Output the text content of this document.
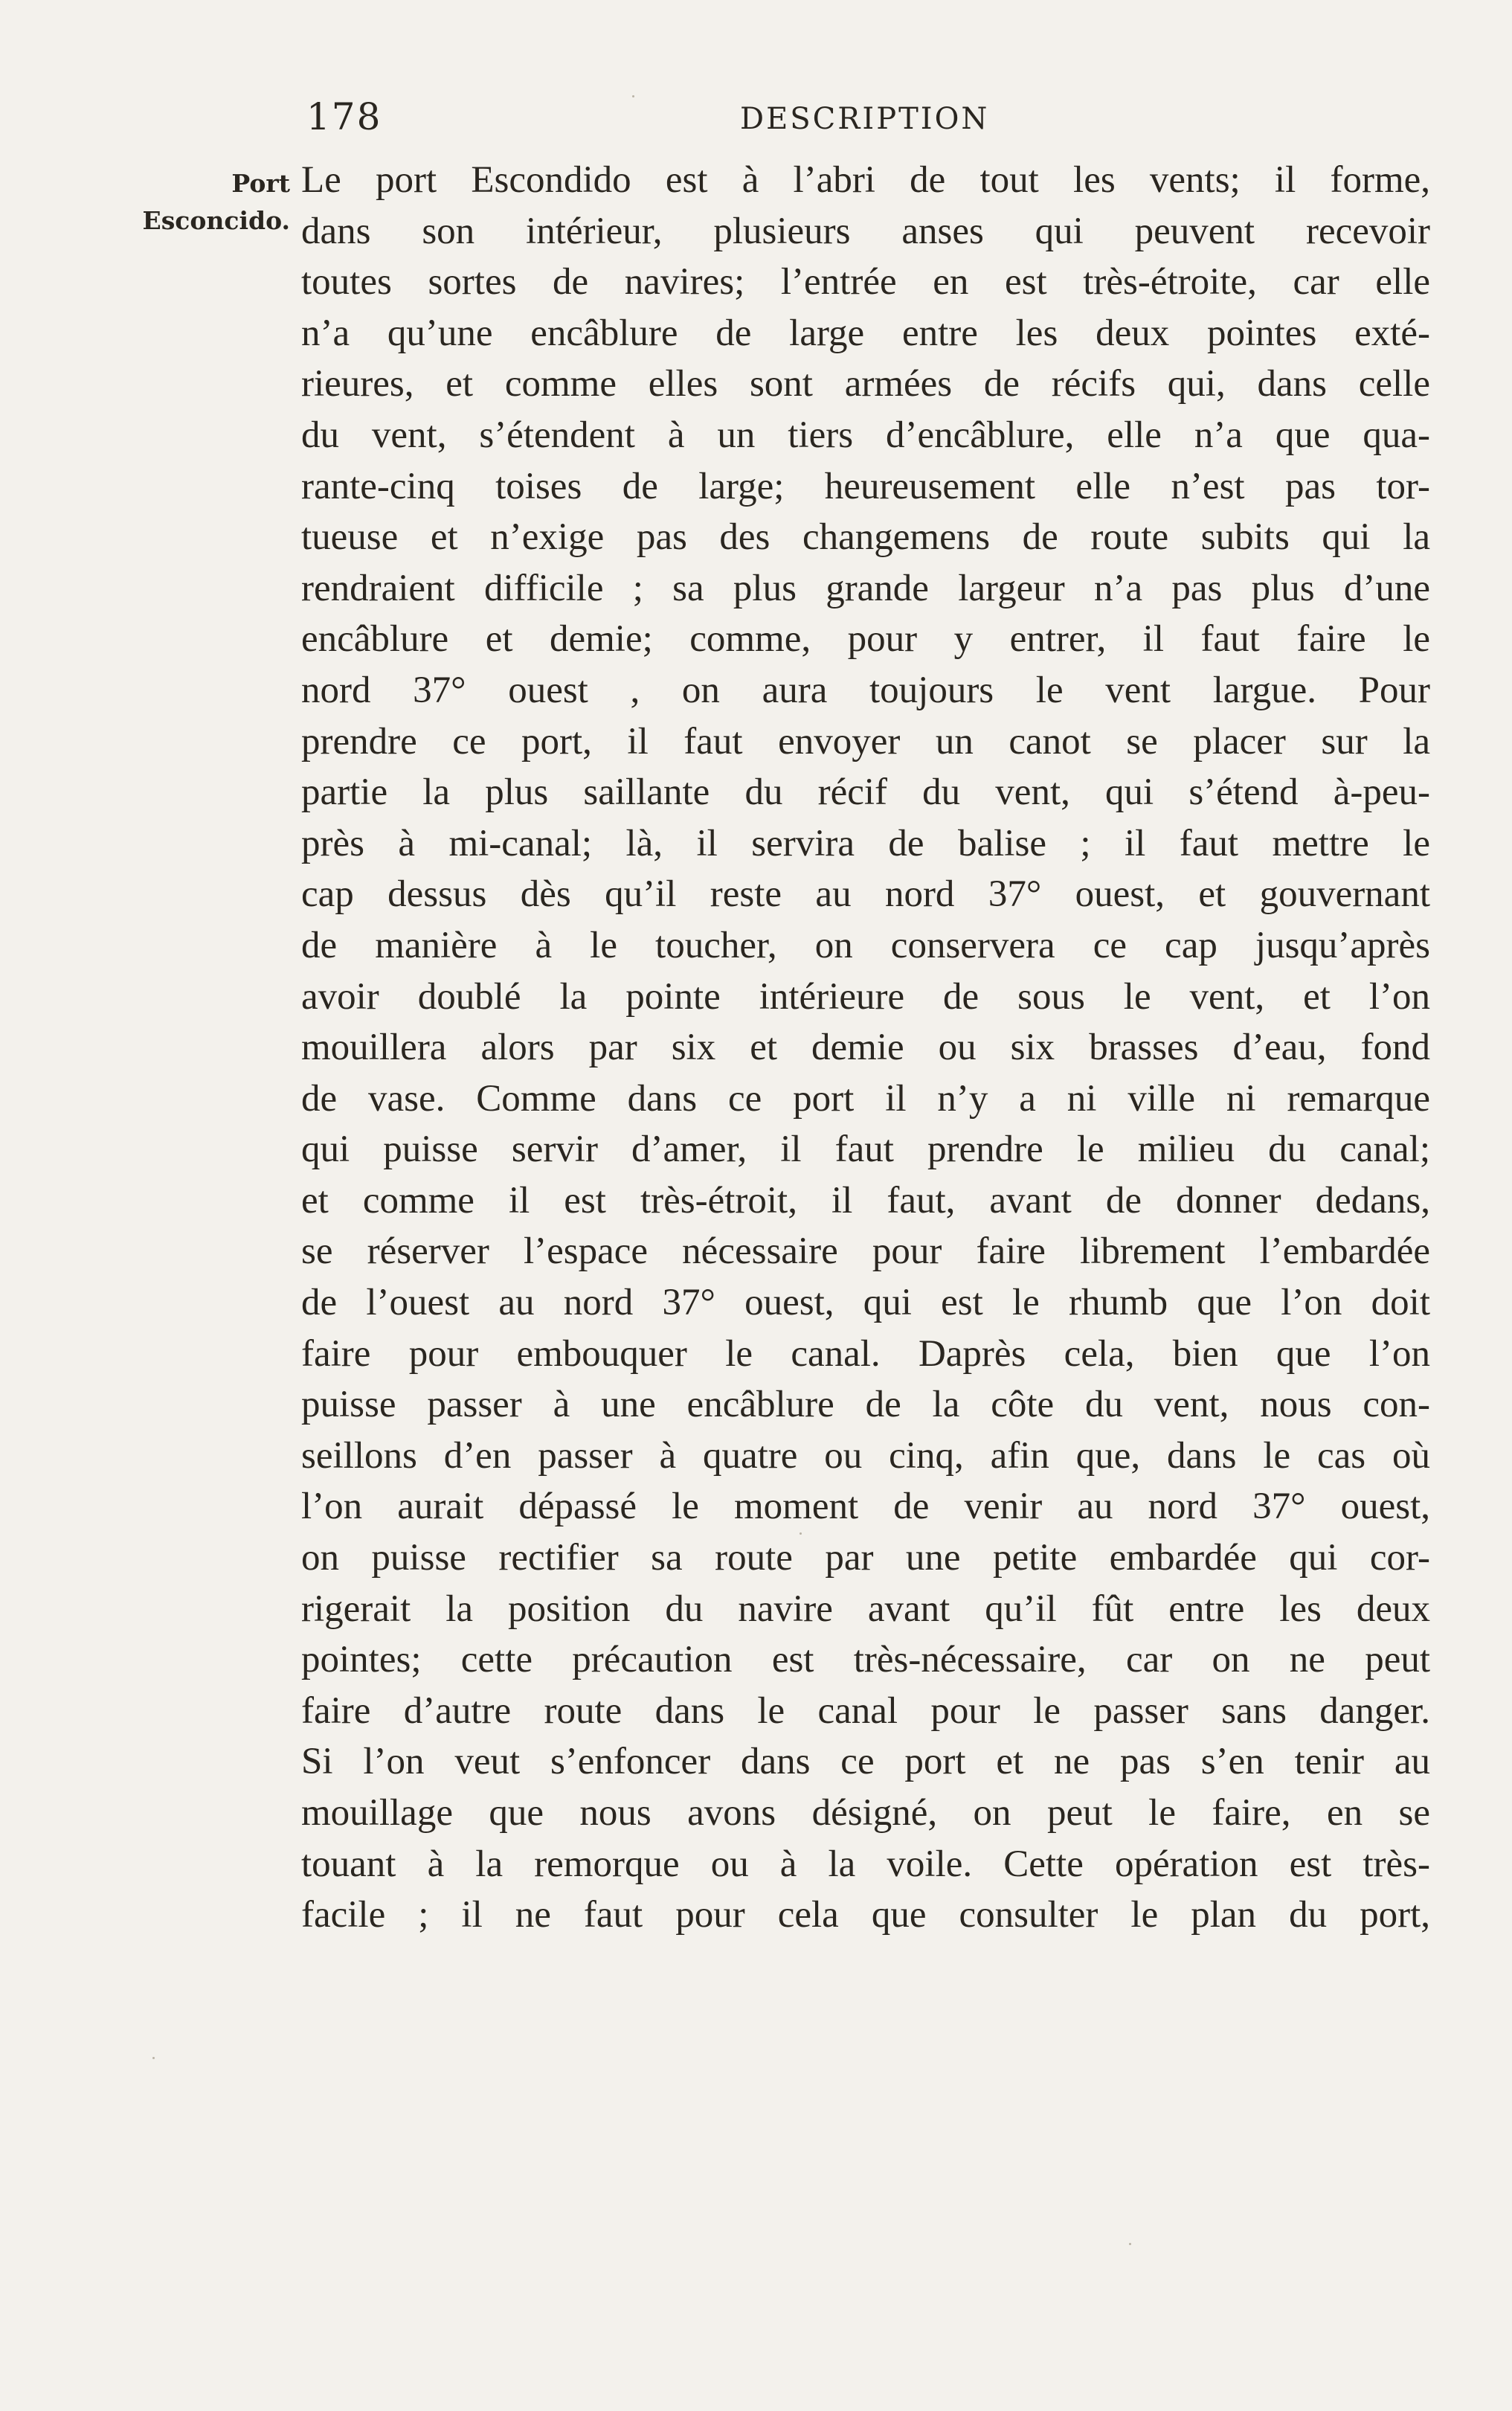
178	DESCRIPTION
Port
Esconcido.
Le port Escondido est à l’abri de tout les vents; il forme,
dans son intérieur, plusieurs anses qui peuvent recevoir
toutes sortes de navires; l’entrée en est très-étroite, car elle
n’a qu’une encâblure de large entre les deux pointes exté-
rieures, et comme elles sont armées de récifs qui, dans celle
du vent, s’étendent à un tiers d’encâblure, elle n’a que qua-
rante-cinq toises de large; heureusement elle n’est pas tor-
tueuse et n’exige pas des changemens de route subits qui la
rendraient difficile ; sa plus grande largeur n’a pas plus d’une
encâblure et demie; comme, pour y entrer, il faut faire le
nord 37° ouest , on aura toujours le vent largue. Pour
prendre ce port, il faut envoyer un canot se placer sur la
partie la plus saillante du récif du vent, qui s’étend à-peu-
près à mi-canal; là, il servira de balise ; il faut mettre le
cap dessus dès qu’il reste au nord 37° ouest, et gouvernant
de manière à le toucher, on conservera ce cap jusqu’après
avoir doublé la pointe intérieure de sous le vent, et l’on
mouillera alors par six et demie ou six brasses d’eau, fond
de vase. Comme dans ce port il n’y a ni ville ni remarque
qui puisse servir d’amer, il faut prendre le milieu du canal;
et comme il est très-étroit, il faut, avant de donner dedans,
se réserver l’espace nécessaire pour faire librement l’embardée
de l’ouest au nord 37° ouest, qui est le rhumb que l’on doit
faire pour embouquer le canal. Daprès cela, bien que l’on
puisse passer à une encâblure de la côte du vent, nous con-
seillons d’en passer à quatre ou cinq, afin que, dans le cas où
l’on aurait dépassé le moment de venir au nord 37° ouest,
on puisse rectifier sa route par une petite embardée qui cor-
rigerait la position du navire avant qu’il fût entre les deux
pointes; cette précaution est très-nécessaire, car on ne peut
faire d’autre route dans le canal pour le passer sans danger.
Si l’on veut s’enfoncer dans ce port et ne pas s’en tenir au
mouillage que nous avons désigné, on peut le faire, en se
touant à la remorque ou à la voile. Cette opération est très-
facile ; il ne faut pour cela que consulter le plan du port,
